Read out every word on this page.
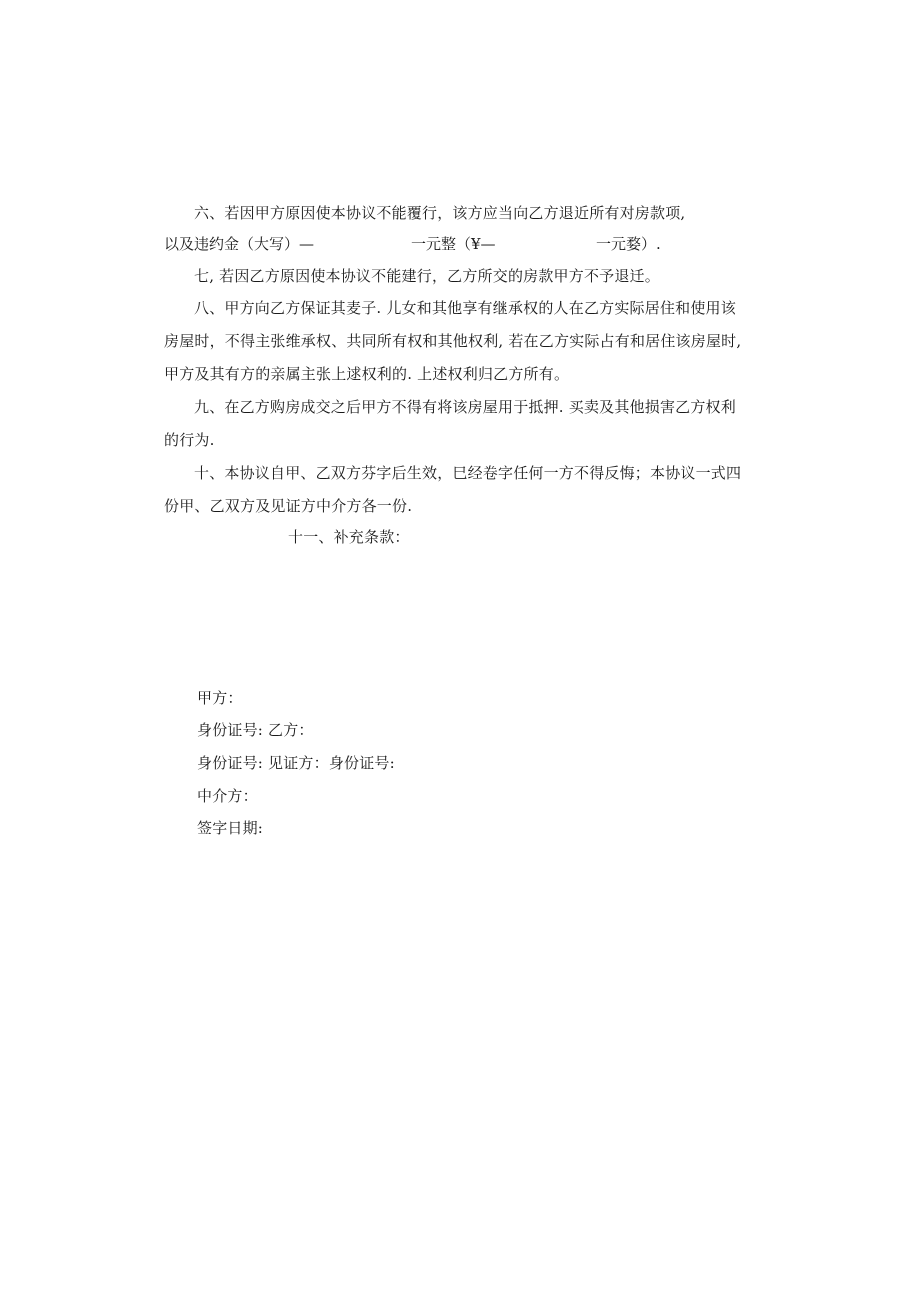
六、若因甲方原因使本协议不能覆行，该方应当向乙方退近所有对房款项,
以及违约金（大写）—	一元整（¥—	一元婺）.
七, 若因乙方原因使本协议不能建行，乙方所交的房款甲方不予退迁。
八、甲方向乙方保证其麦子. 儿女和其他享有继承权的人在乙方实际居住和使用该
房屋时，不得主张维承权、共同所有权和其他权利, 若在乙方实际占有和居住该房屋时,
甲方及其有方的亲属主张上逑权利的. 上述权利归乙方所有。
九、在乙方购房成交之后甲方不得有将该房屋用于抵押. 买卖及其他损害乙方权利
的行为.
十、本协议自甲、乙双方芬字后生效，巳经卷字任何一方不得反悔；本协议一式四
份甲、乙双方及见证方中介方各一份.
十一、补充条款：
甲方：
身份证号: 乙方：
身份证号: 见证方：身份证号:
中介方：
签字日期:
